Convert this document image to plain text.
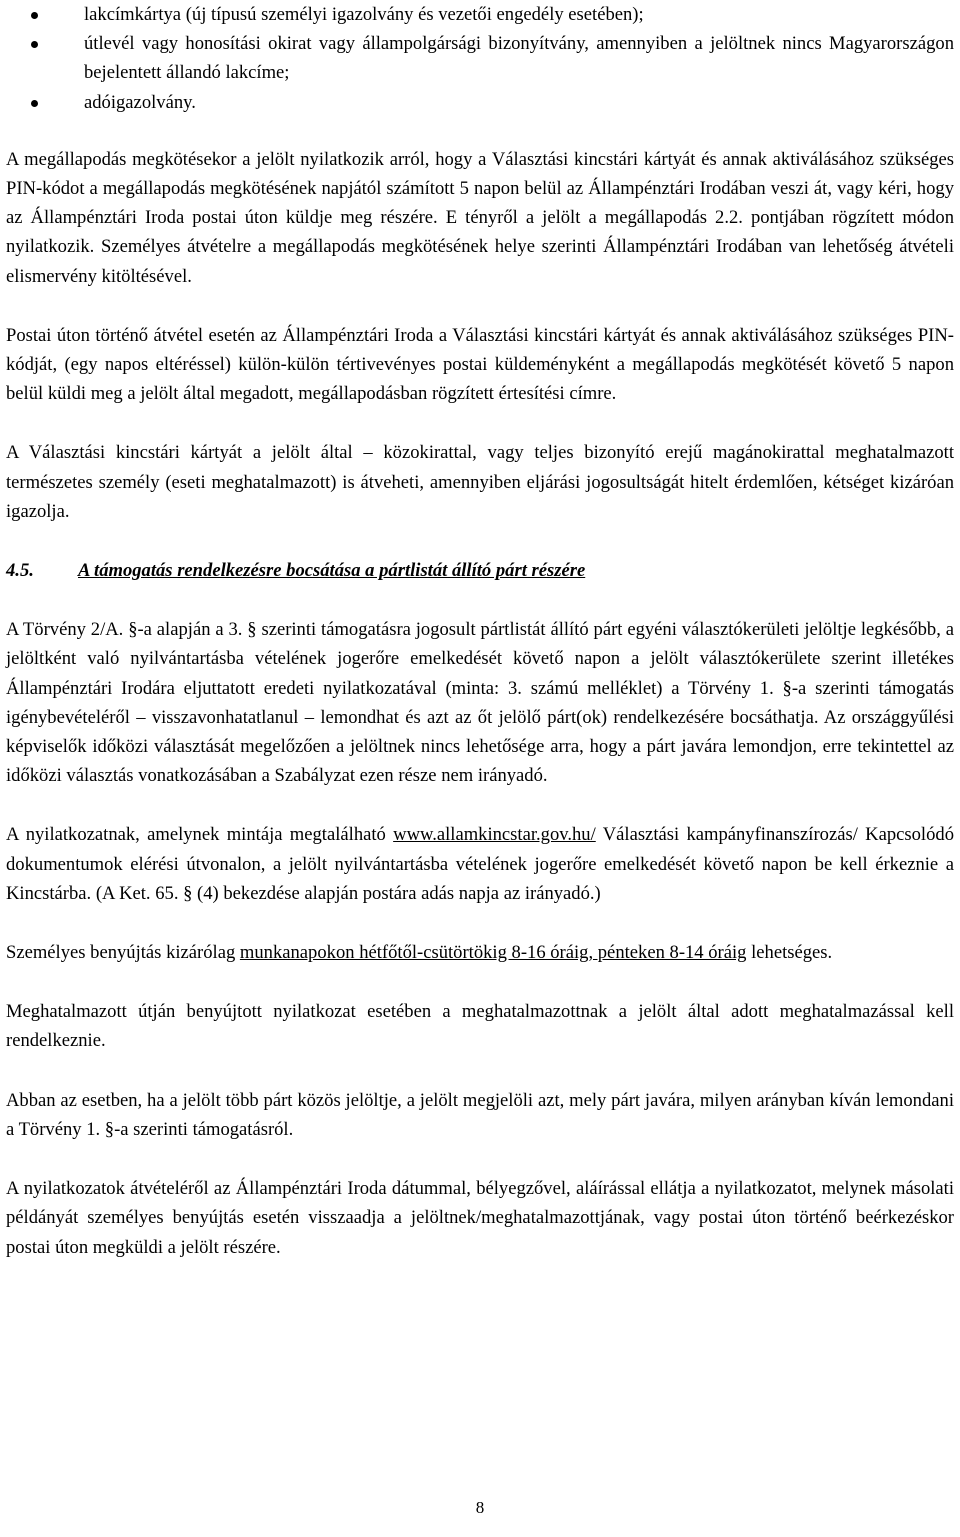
lakcímkártya (új típusú személyi igazolvány és vezetői engedély esetében);
útlevél vagy honosítási okirat vagy állampolgársági bizonyítvány, amennyiben a jelöltnek nincs Magyarországon bejelentett állandó lakcíme;
adóigazolvány.

A megállapodás megkötésekor a jelölt nyilatkozik arról, hogy a Választási kincstári kártyát és annak aktiválásához szükséges PIN-kódot a megállapodás megkötésének napjától számított 5 napon belül az Állampénztári Irodában veszi át, vagy kéri, hogy az Állampénztári Iroda postai úton küldje meg részére. E tényről a jelölt a megállapodás 2.2. pontjában rögzített módon nyilatkozik. Személyes átvételre a megállapodás megkötésének helye szerinti Állampénztári Irodában van lehetőség átvételi elismervény kitöltésével.

Postai úton történő átvétel esetén az Állampénztári Iroda a Választási kincstári kártyát és annak aktiválásához szükséges PIN-kódját, (egy napos eltéréssel) külön-külön tértivevényes postai küldeményként a megállapodás megkötését követő 5 napon belül küldi meg a jelölt által megadott, megállapodásban rögzített értesítési címre.

A Választási kincstári kártyát a jelölt által – közokirattal, vagy teljes bizonyító erejű magánokirattal meghatalmazott természetes személy (eseti meghatalmazott) is átveheti, amennyiben eljárási jogosultságát hitelt érdemlően, kétséget kizáróan igazolja.

4.5.	A támogatás rendelkezésre bocsátása a pártlistát állító párt részére

A Törvény 2/A. §-a alapján a 3. § szerinti támogatásra jogosult pártlistát állító párt egyéni választókerületi jelöltje legkésőbb, a jelöltként való nyilvántartásba vételének jogerőre emelkedését követő napon a jelölt választókerülete szerint illetékes Állampénztári Irodára eljuttatott eredeti nyilatkozatával (minta: 3. számú melléklet) a Törvény 1. §-a szerinti támogatás igénybevételéről – visszavonhatatlanul – lemondhat és azt az őt jelölő párt(ok) rendelkezésére bocsáthatja. Az országgyűlési képviselők időközi választását megelőzően a jelöltnek nincs lehetősége arra, hogy a párt javára lemondjon, erre tekintettel az időközi választás vonatkozásában a Szabályzat ezen része nem irányadó.

A nyilatkozatnak, amelynek mintája megtalálható www.allamkincstar.gov.hu/ Választási kampányfinanszírozás/ Kapcsolódó dokumentumok elérési útvonalon, a jelölt nyilvántartásba vételének jogerőre emelkedését követő napon be kell érkeznie a Kincstárba. (A Ket. 65. § (4) bekezdése alapján postára adás napja az irányadó.)

Személyes benyújtás kizárólag munkanapokon hétfőtől-csütörtökig 8-16 óráig, pénteken 8-14 óráig lehetséges.

Meghatalmazott útján benyújtott nyilatkozat esetében a meghatalmazottnak a jelölt által adott meghatalmazással kell rendelkeznie.

Abban az esetben, ha a jelölt több párt közös jelöltje, a jelölt megjelöli azt, mely párt javára, milyen arányban kíván lemondani a Törvény 1. §-a szerinti támogatásról.

A nyilatkozatok átvételéről az Állampénztári Iroda dátummal, bélyegzővel, aláírással ellátja a nyilatkozatot, melynek másolati példányát személyes benyújtás esetén visszaadja a jelöltnek/meghatalmazottjának, vagy postai úton történő beérkezéskor postai úton megküldi a jelölt részére.

8
